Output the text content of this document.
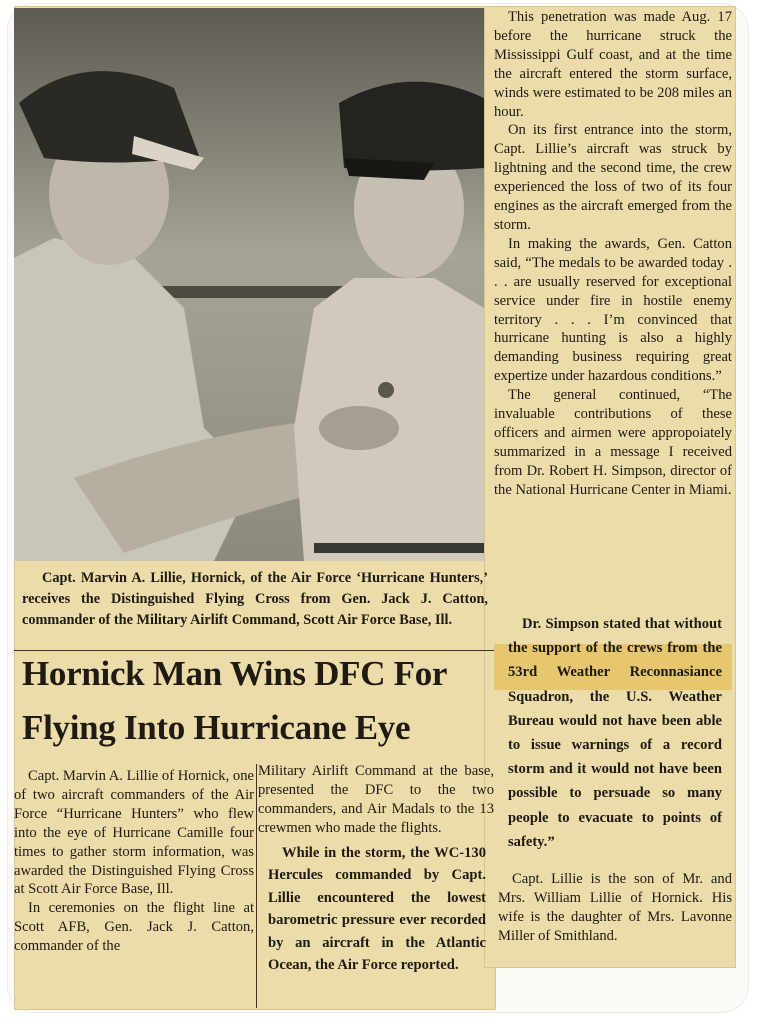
Capt. Marvin A. Lillie, Hornick, of the Air Force ‘Hurricane Hunters,’ receives the Distinguished Flying Cross from Gen. Jack J. Catton, commander of the Military Airlift Command, Scott Air Force Base, Ill.
Hornick Man Wins DFC For
Flying Into Hurricane Eye

Capt. Marvin A. Lillie of Hornick, one of two aircraft commanders of the Air Force “Hurricane Hunters” who flew into the eye of Hurricane Camille four times to gather storm information, was awarded the Distinguished Flying Cross at Scott Air Force Base, Ill.

In ceremonies on the flight line at Scott AFB, Gen. Jack J. Catton, commander of the

Military Airlift Command at the base, presented the DFC to the two commanders, and Air Madals to the 13 crewmen who made the flights.

While in the storm, the WC-130 Hercules commanded by Capt. Lillie encountered the lowest barometric pressure ever recorded by an aircraft in the Atlantic Ocean, the Air Force reported.

This penetration was made Aug. 17 before the hurricane struck the Mississippi Gulf coast, and at the time the aircraft entered the storm surface, winds were estimated to be 208 miles an hour.

On its first entrance into the storm, Capt. Lillie’s aircraft was struck by lightning and the second time, the crew experienced the loss of two of its four engines as the aircraft emerged from the storm.

In making the awards, Gen. Catton said, “The medals to be awarded today . . . are usually reserved for exceptional service under fire in hostile enemy territory . . . I’m convinced that hurricane hunting is also a highly demanding business requiring great expertize under hazardous conditions.”

The general continued, “The invaluable contributions of these officers and airmen were appropoiately summarized in a message I received from Dr. Robert H. Simpson, director of the National Hurricane Center in Miami.

Dr. Simpson stated that without the support of the crews from the 53rd Weather Reconnasiance Squadron, the U.S. Weather Bureau would not have been able to issue warnings of a record storm and it would not have been possible to persuade so many people to evacuate to points of safety.”

Capt. Lillie is the son of Mr. and Mrs. William Lillie of Hornick. His wife is the daughter of Mrs. Lavonne Miller of Smithland.
